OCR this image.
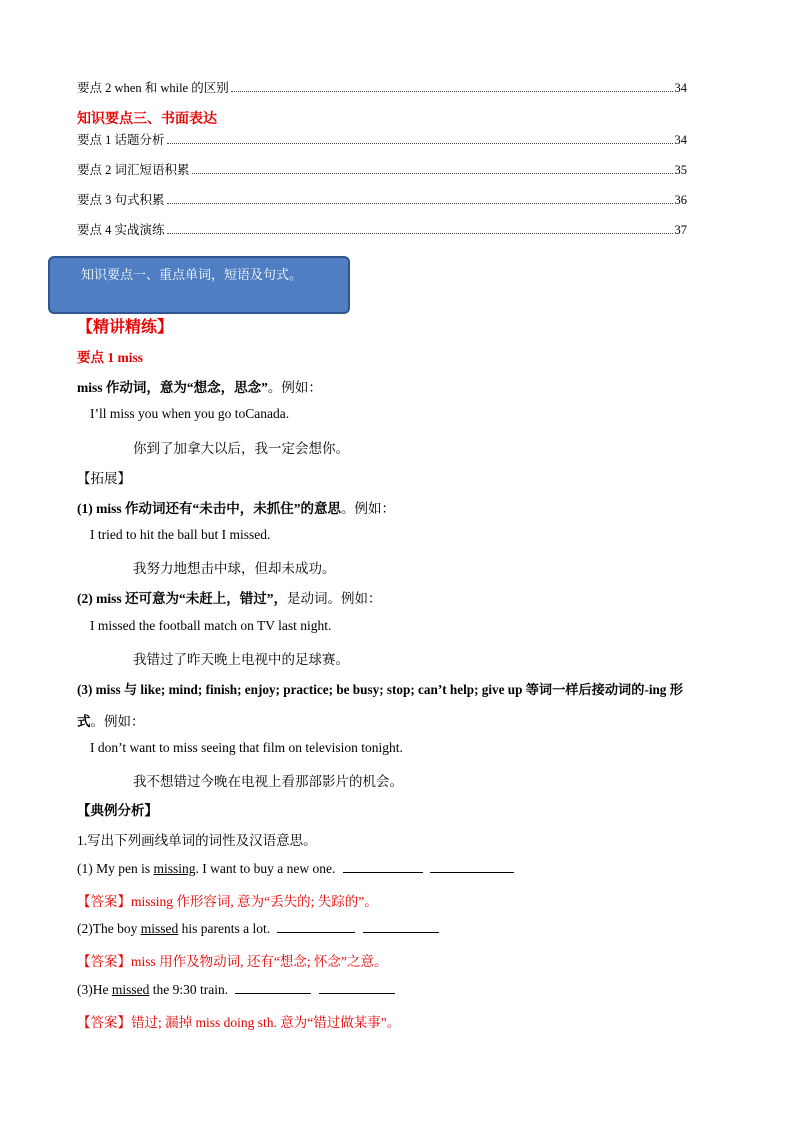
要点 2 when 和 while 的区别	34
知识要点三、书面表达
要点 1 话题分析	34
要点 2 词汇短语积累	35
要点 3 句式积累	36
要点 4 实战演练	37
知识要点一、重点单词，短语及句式。
【精讲精练】
要点 1 miss
miss 作动词，意为“想念，思念”。例如：
I’ll miss you when you go toCanada.
你到了加拿大以后，我一定会想你。
【拓展】
(1) miss 作动词还有“未击中，未抓住”的意思。例如：
I tried to hit the ball but I missed.
我努力地想击中球，但却未成功。
(2) miss 还可意为“未赶上，错过”，是动词。例如：
I missed the football match on TV last night.
我错过了昨天晚上电视中的足球赛。
(3) miss 与 like; mind; finish; enjoy; practice; be busy; stop; can’t help; give up 等词一样后接动词的-ing 形
式。例如：
I don’t want to miss seeing that film on television tonight.
我不想错过今晚在电视上看那部影片的机会。
【典例分析】
1.写出下列画线单词的词性及汉语意思。
(1) My pen is missing. I want to buy a new one.
【答案】missing 作形容词, 意为“丢失的; 失踪的”。
(2)The boy missed his parents a lot.
【答案】miss 用作及物动词, 还有“想念; 怀念”之意。
(3)He missed the 9:30 train.
【答案】错过; 漏掉 miss doing sth. 意为“错过做某事”。
